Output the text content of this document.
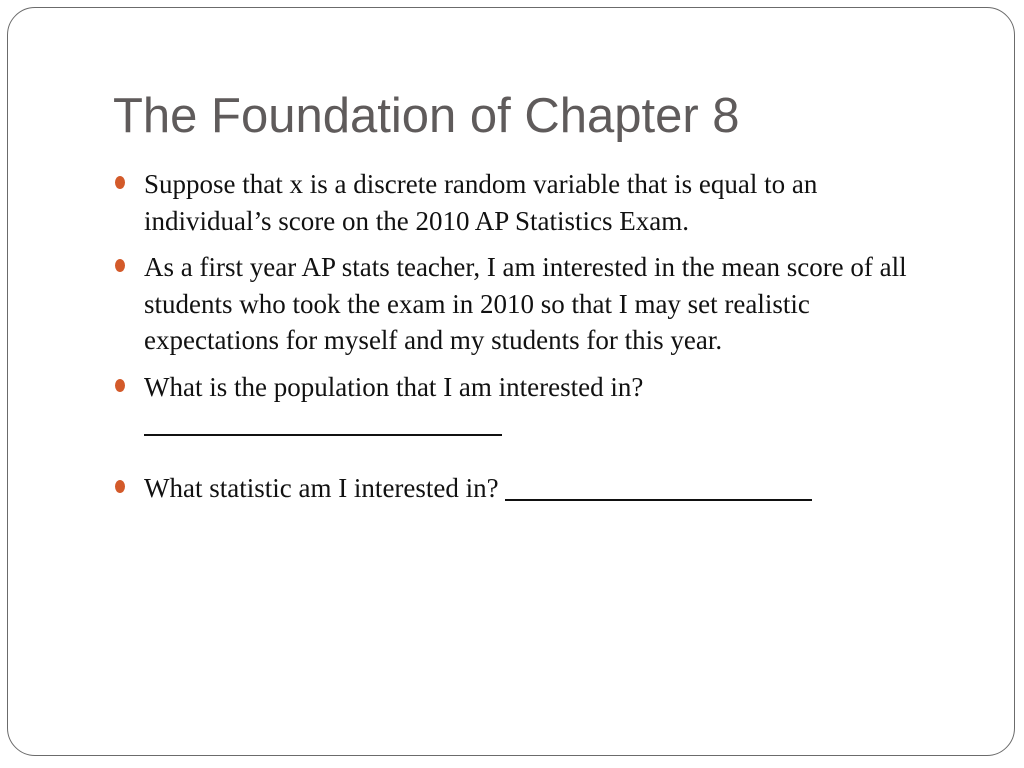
The Foundation of Chapter 8
Suppose that x is a discrete random variable that is equal to an individual’s score on the 2010 AP Statistics Exam.
As a first year AP stats teacher, I am interested in the mean score of all students who took the exam in 2010 so that I may set realistic expectations for myself and my students for this year.
What is the population that I am interested in?
What statistic am I interested in?
